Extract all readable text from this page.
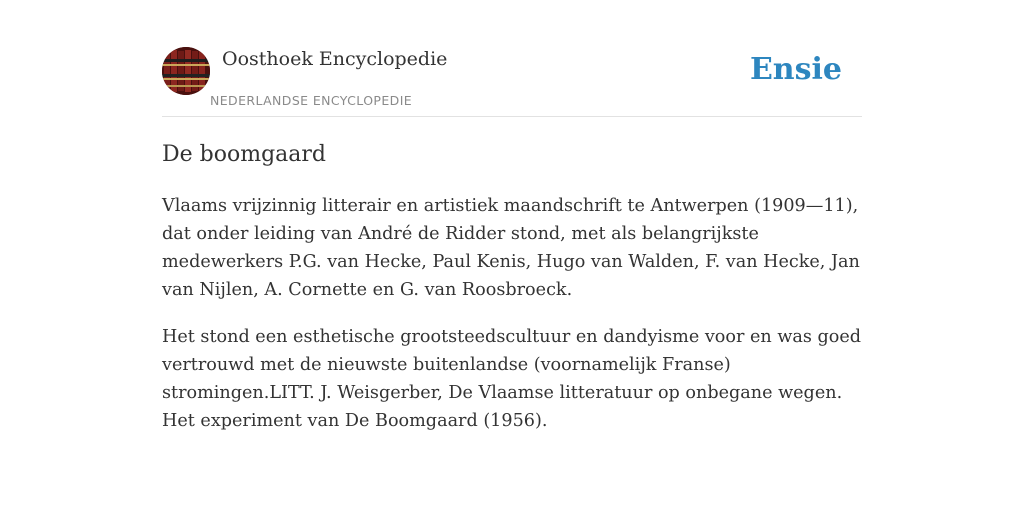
Oosthoek Encyclopedie
NEDERLANDSE ENCYCLOPEDIE
Ensie
De boomgaard

Vlaams vrijzinnig litterair en artistiek maandschrift te Antwerpen (1909—11), dat onder leiding van André de Ridder stond, met als belangrijkste medewerkers P.G. van Hecke, Paul Kenis, Hugo van Walden, F. van Hecke, Jan van Nijlen, A. Cornette en G. van Roosbroeck.

Het stond een esthetische grootsteedscultuur en dandyisme voor en was goed vertrouwd met de nieuwste buitenlandse (voornamelijk Franse) stromingen.LITT. J. Weisgerber, De Vlaamse litteratuur op onbegane wegen. Het experiment van De Boomgaard (1956).
